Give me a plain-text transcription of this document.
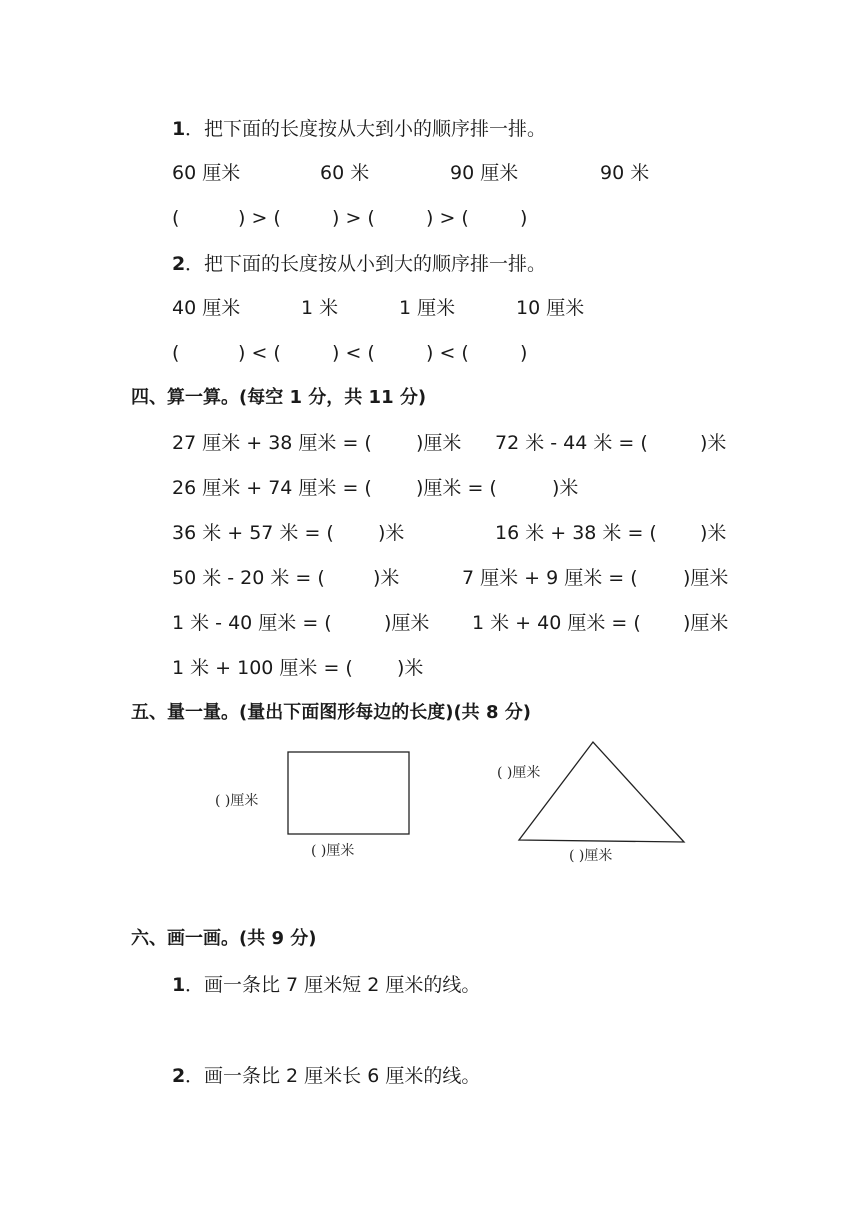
1 ．把下面的长度按从大到小的顺序排一排。
60 厘米	60 米	90 厘米	90 米
(	) > (	) > (	) > (	)
2 ．把下面的长度按从小到大的顺序排一排。
40 厘米	1 米	1 厘米	10 厘米
(	) < (	) < (	) < (	)
四、算一算。(每空 1 分，共 11 分)
27 厘米 + 38 厘米 = ( )厘米 72 米 - 44 米 = (	)米
26 厘米 + 74 厘米 = ( )厘米 = (	)米
36 米 + 57 米 = ( )米	16 米 + 38 米 = ( )米
50 米 - 20 米 = (	)米	7 厘米 + 9 厘米 = ( )厘米
1 米 - 40 厘米 = (	)厘米 1 米 + 40 厘米 = ( )厘米
1 米 + 100 厘米 = ( )米
五、量一量。(量出下面图形每边的长度)(共 8 分)
( )厘米
( )厘米
( )厘米
( )厘米
六、画一画。(共 9 分)
1 ．画一条比 7 厘米短 2 厘米的线。
2 ．画一条比 2 厘米长 6 厘米的线。
